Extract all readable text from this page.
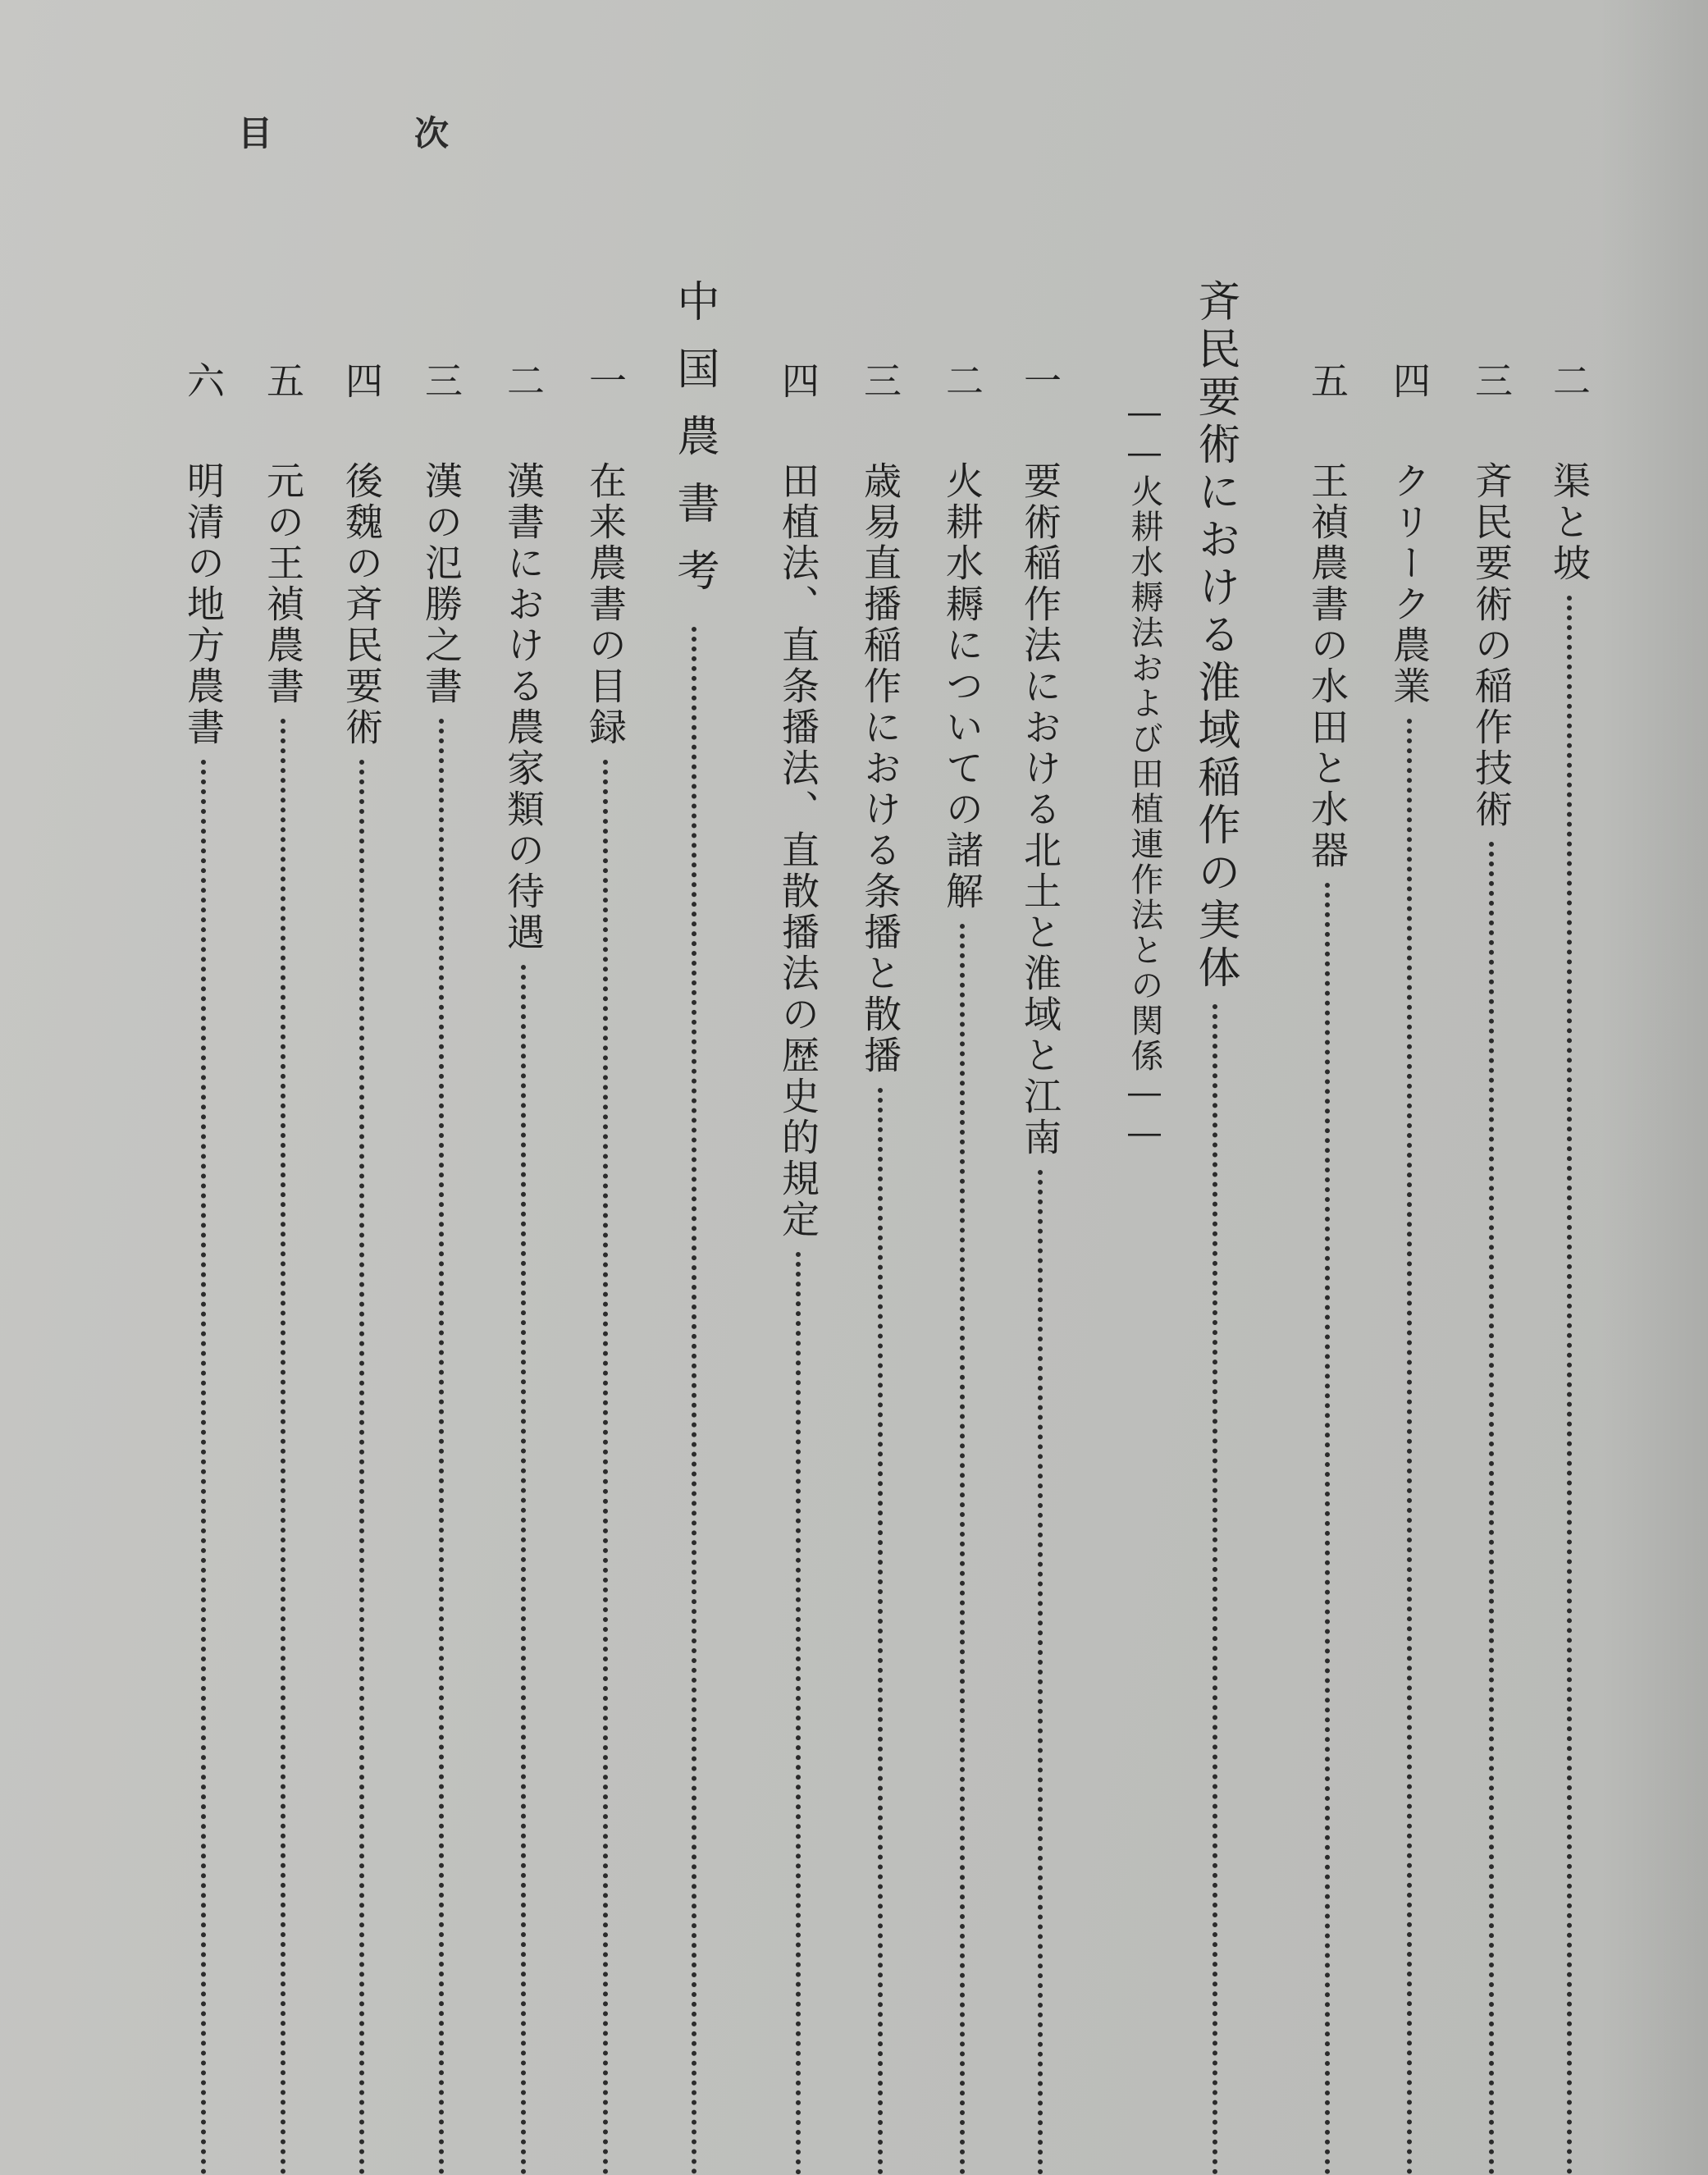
目	次
二
渠と坡
三
斉民要術の稲作技術
四
クリーク農業
五
王禎農書の水田と水器
斉民要術における淮域稲作の実体
――火耕水耨法および田植連作法との関係――
一
要術稲作法における北土と淮域と江南
二
火耕水耨についての諸解
三
歳易直播稲作における条播と散播
四
田植法、直条播法、直散播法の歴史的規定
中国農書考
一
在来農書の目録
二
漢書における農家類の待遇
三
漢の氾勝之書
四
後魏の斉民要術
五
元の王禎農書
六
明清の地方農書
